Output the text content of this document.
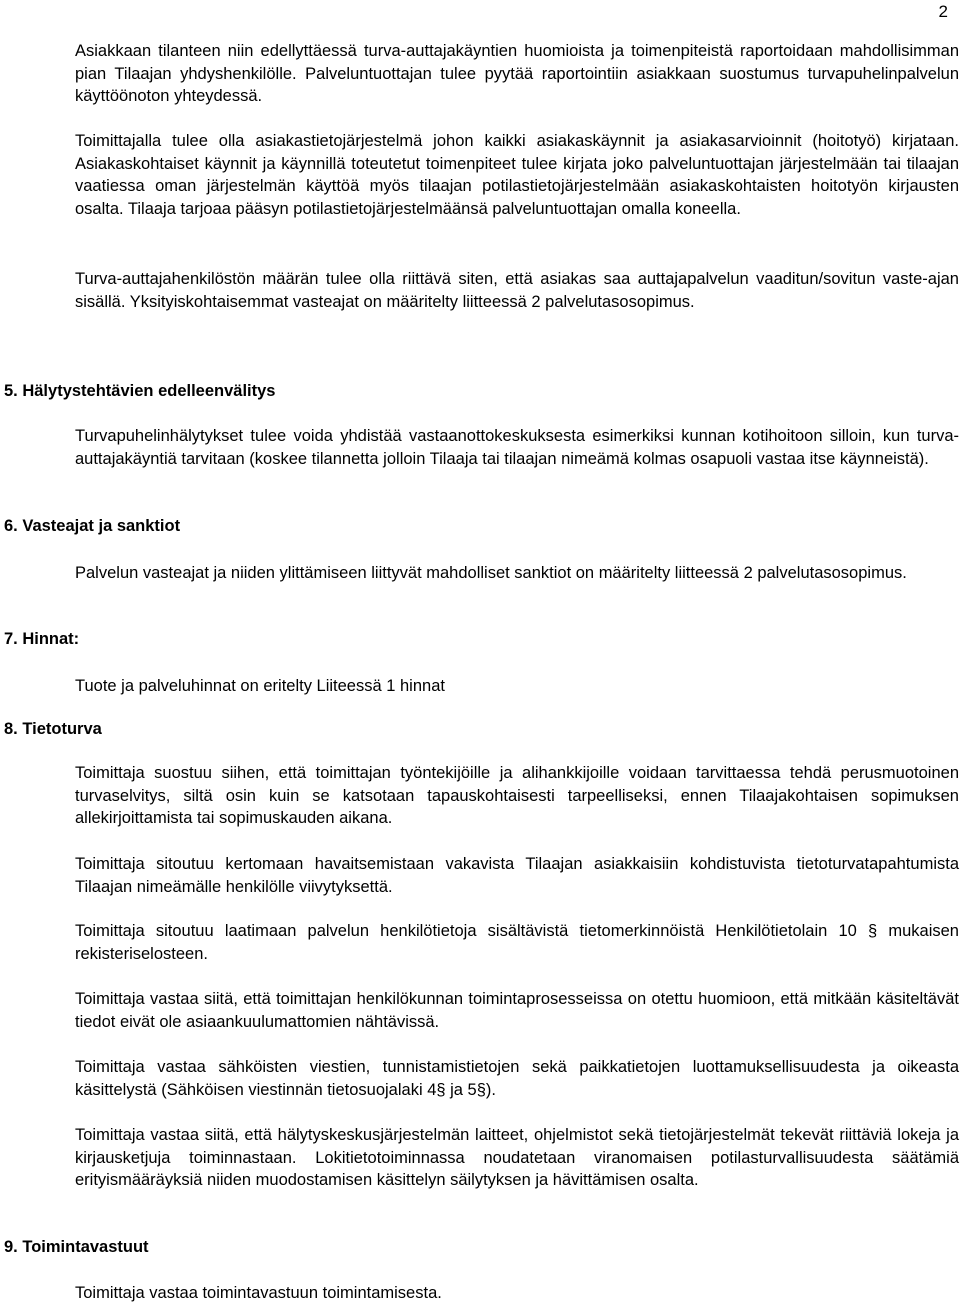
2

Asiakkaan tilanteen niin edellyttäessä turva-auttajakäyntien huomioista ja toimenpiteistä raportoidaan mahdollisimman pian Tilaajan yhdyshenkilölle. Palveluntuottajan tulee pyytää raportointiin asiakkaan suostumus turvapuhelinpalvelun käyttöönoton yhteydessä.

Toimittajalla tulee olla asiakastietojärjestelmä johon kaikki asiakaskäynnit ja asiakasarvioinnit (hoitotyö) kirjataan. Asiakaskohtaiset käynnit ja käynnillä toteutetut toimenpiteet tulee kirjata joko palveluntuottajan järjestelmään tai tilaajan vaatiessa oman järjestelmän käyttöä myös tilaajan potilastietojärjestelmään asiakaskohtaisten hoitotyön kirjausten osalta. Tilaaja tarjoaa pääsyn potilastietojärjestelmäänsä palveluntuottajan omalla koneella.

Turva-auttajahenkilöstön määrän tulee olla riittävä siten, että asiakas saa auttajapalvelun vaaditun/sovitun vaste-ajan sisällä. Yksityiskohtaisemmat vasteajat on määritelty liitteessä 2 palvelutasosopimus.

5. Hälytystehtävien edelleenvälitys

Turvapuhelinhälytykset tulee voida yhdistää vastaanottokeskuksesta esimerkiksi kunnan kotihoitoon silloin, kun turva-auttajakäyntiä tarvitaan (koskee tilannetta jolloin Tilaaja tai tilaajan nimeämä kolmas osapuoli vastaa itse käynneistä).

6. Vasteajat ja sanktiot

Palvelun vasteajat ja niiden ylittämiseen liittyvät mahdolliset sanktiot on määritelty liitteessä 2 palvelutasosopimus.

7. Hinnat:

Tuote ja palveluhinnat on eritelty Liiteessä 1 hinnat

8. Tietoturva

Toimittaja suostuu siihen, että toimittajan työntekijöille ja alihankkijoille voidaan tarvittaessa tehdä perusmuotoinen turvaselvitys, siltä osin kuin se katsotaan tapauskohtaisesti tarpeelliseksi, ennen Tilaajakohtaisen sopimuksen allekirjoittamista tai sopimuskauden aikana.

Toimittaja sitoutuu kertomaan havaitsemistaan vakavista Tilaajan asiakkaisiin kohdistuvista tietoturvatapahtumista Tilaajan nimeämälle henkilölle viivytyksettä.

Toimittaja sitoutuu laatimaan palvelun henkilötietoja sisältävistä tietomerkinnöistä Henkilötietolain 10 § mukaisen rekisteriselosteen.

Toimittaja vastaa siitä, että toimittajan henkilökunnan toimintaprosesseissa on otettu huomioon, että mitkään käsiteltävät tiedot eivät ole asiaankuulumattomien nähtävissä.

Toimittaja vastaa sähköisten viestien, tunnistamistietojen sekä paikkatietojen luottamuksellisuudesta ja oikeasta käsittelystä (Sähköisen viestinnän tietosuojalaki 4§ ja 5§).

Toimittaja vastaa siitä, että hälytyskeskusjärjestelmän laitteet, ohjelmistot sekä tietojärjestelmät tekevät riittäviä lokeja ja kirjausketjuja toiminnastaan. Lokitietotoiminnassa noudatetaan viranomaisen potilasturvallisuudesta säätämiä erityismääräyksiä niiden muodostamisen käsittelyn säilytyksen ja hävittämisen osalta.

9. Toimintavastuut

Toimittaja vastaa toimintavastuun toimintamisesta.
